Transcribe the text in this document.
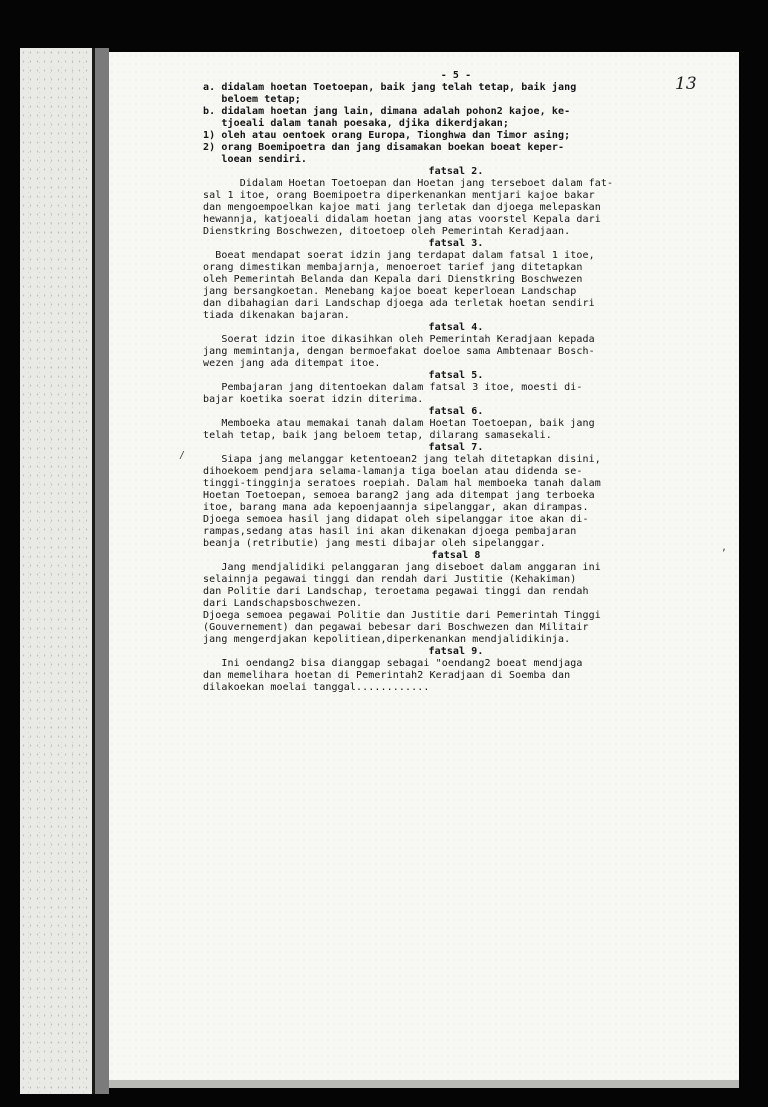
13
/
,

- 5 -

a. didalam hoetan Toetoepan, baik jang telah tetap, baik jang

beloem tetap;

b. didalam hoetan jang lain, dimana adalah pohon2 kajoe, ke-

tjoeali dalam tanah poesaka, djika dikerdjakan;

1) oleh atau oentoek orang Europa, Tionghwa dan Timor asing;

2) orang Boemipoetra dan jang disamakan boekan boeat keper-

loean sendiri.

fatsal 2.

Didalam Hoetan Toetoepan dan Hoetan jang terseboet dalam fat-

sal 1 itoe, orang Boemipoetra diperkenankan mentjari kajoe bakar

dan mengoempoelkan kajoe mati jang terletak dan djoega melepaskan

hewannja, katjoeali didalam hoetan jang atas voorstel Kepala dari

Dienstkring Boschwezen, ditoetoep oleh Pemerintah Keradjaan.

fatsal 3.

Boeat mendapat soerat idzin jang terdapat dalam fatsal 1 itoe,

orang dimestikan membajarnja, menoeroet tarief jang ditetapkan

oleh Pemerintah Belanda dan Kepala dari Dienstkring Boschwezen

jang bersangkoetan. Menebang kajoe boeat keperloean Landschap

dan dibahagian dari Landschap djoega ada terletak hoetan sendiri

tiada dikenakan bajaran.

fatsal 4.

Soerat idzin itoe dikasihkan oleh Pemerintah Keradjaan kepada

jang memintanja, dengan bermoefakat doeloe sama Ambtenaar Bosch-

wezen jang ada ditempat itoe.

fatsal 5.

Pembajaran jang ditentoekan dalam fatsal 3 itoe, moesti di-

bajar koetika soerat idzin diterima.

fatsal 6.

Memboeka atau memakai tanah dalam Hoetan Toetoepan, baik jang

telah tetap, baik jang beloem tetap, dilarang samasekali.

fatsal 7.

Siapa jang melanggar ketentoean2 jang telah ditetapkan disini,

dihoekoem pendjara selama-lamanja tiga boelan atau didenda se-

tinggi-tingginja seratoes roepiah. Dalam hal memboeka tanah dalam

Hoetan Toetoepan, semoea barang2 jang ada ditempat jang terboeka

itoe, barang mana ada kepoenjaannja sipelanggar, akan dirampas.

Djoega semoea hasil jang didapat oleh sipelanggar itoe akan di-

rampas,sedang atas hasil ini akan dikenakan djoega pembajaran

beanja (retributie) jang mesti dibajar oleh sipelanggar.

fatsal 8

Jang mendjalidiki pelanggaran jang diseboet dalam anggaran ini

selainnja pegawai tinggi dan rendah dari Justitie (Kehakiman)

dan Politie dari Landschap, teroetama pegawai tinggi dan rendah

dari Landschapsboschwezen.

Djoega semoea pegawai Politie dan Justitie dari Pemerintah Tinggi

(Gouvernement) dan pegawai bebesar dari Boschwezen dan Militair

jang mengerdjakan kepolitiean,diperkenankan mendjalidikinja.

fatsal 9.

Ini oendang2 bisa dianggap sebagai "oendang2 boeat mendjaga

dan memelihara hoetan di Pemerintah2 Keradjaan di Soemba dan

dilakoekan moelai tanggal............
